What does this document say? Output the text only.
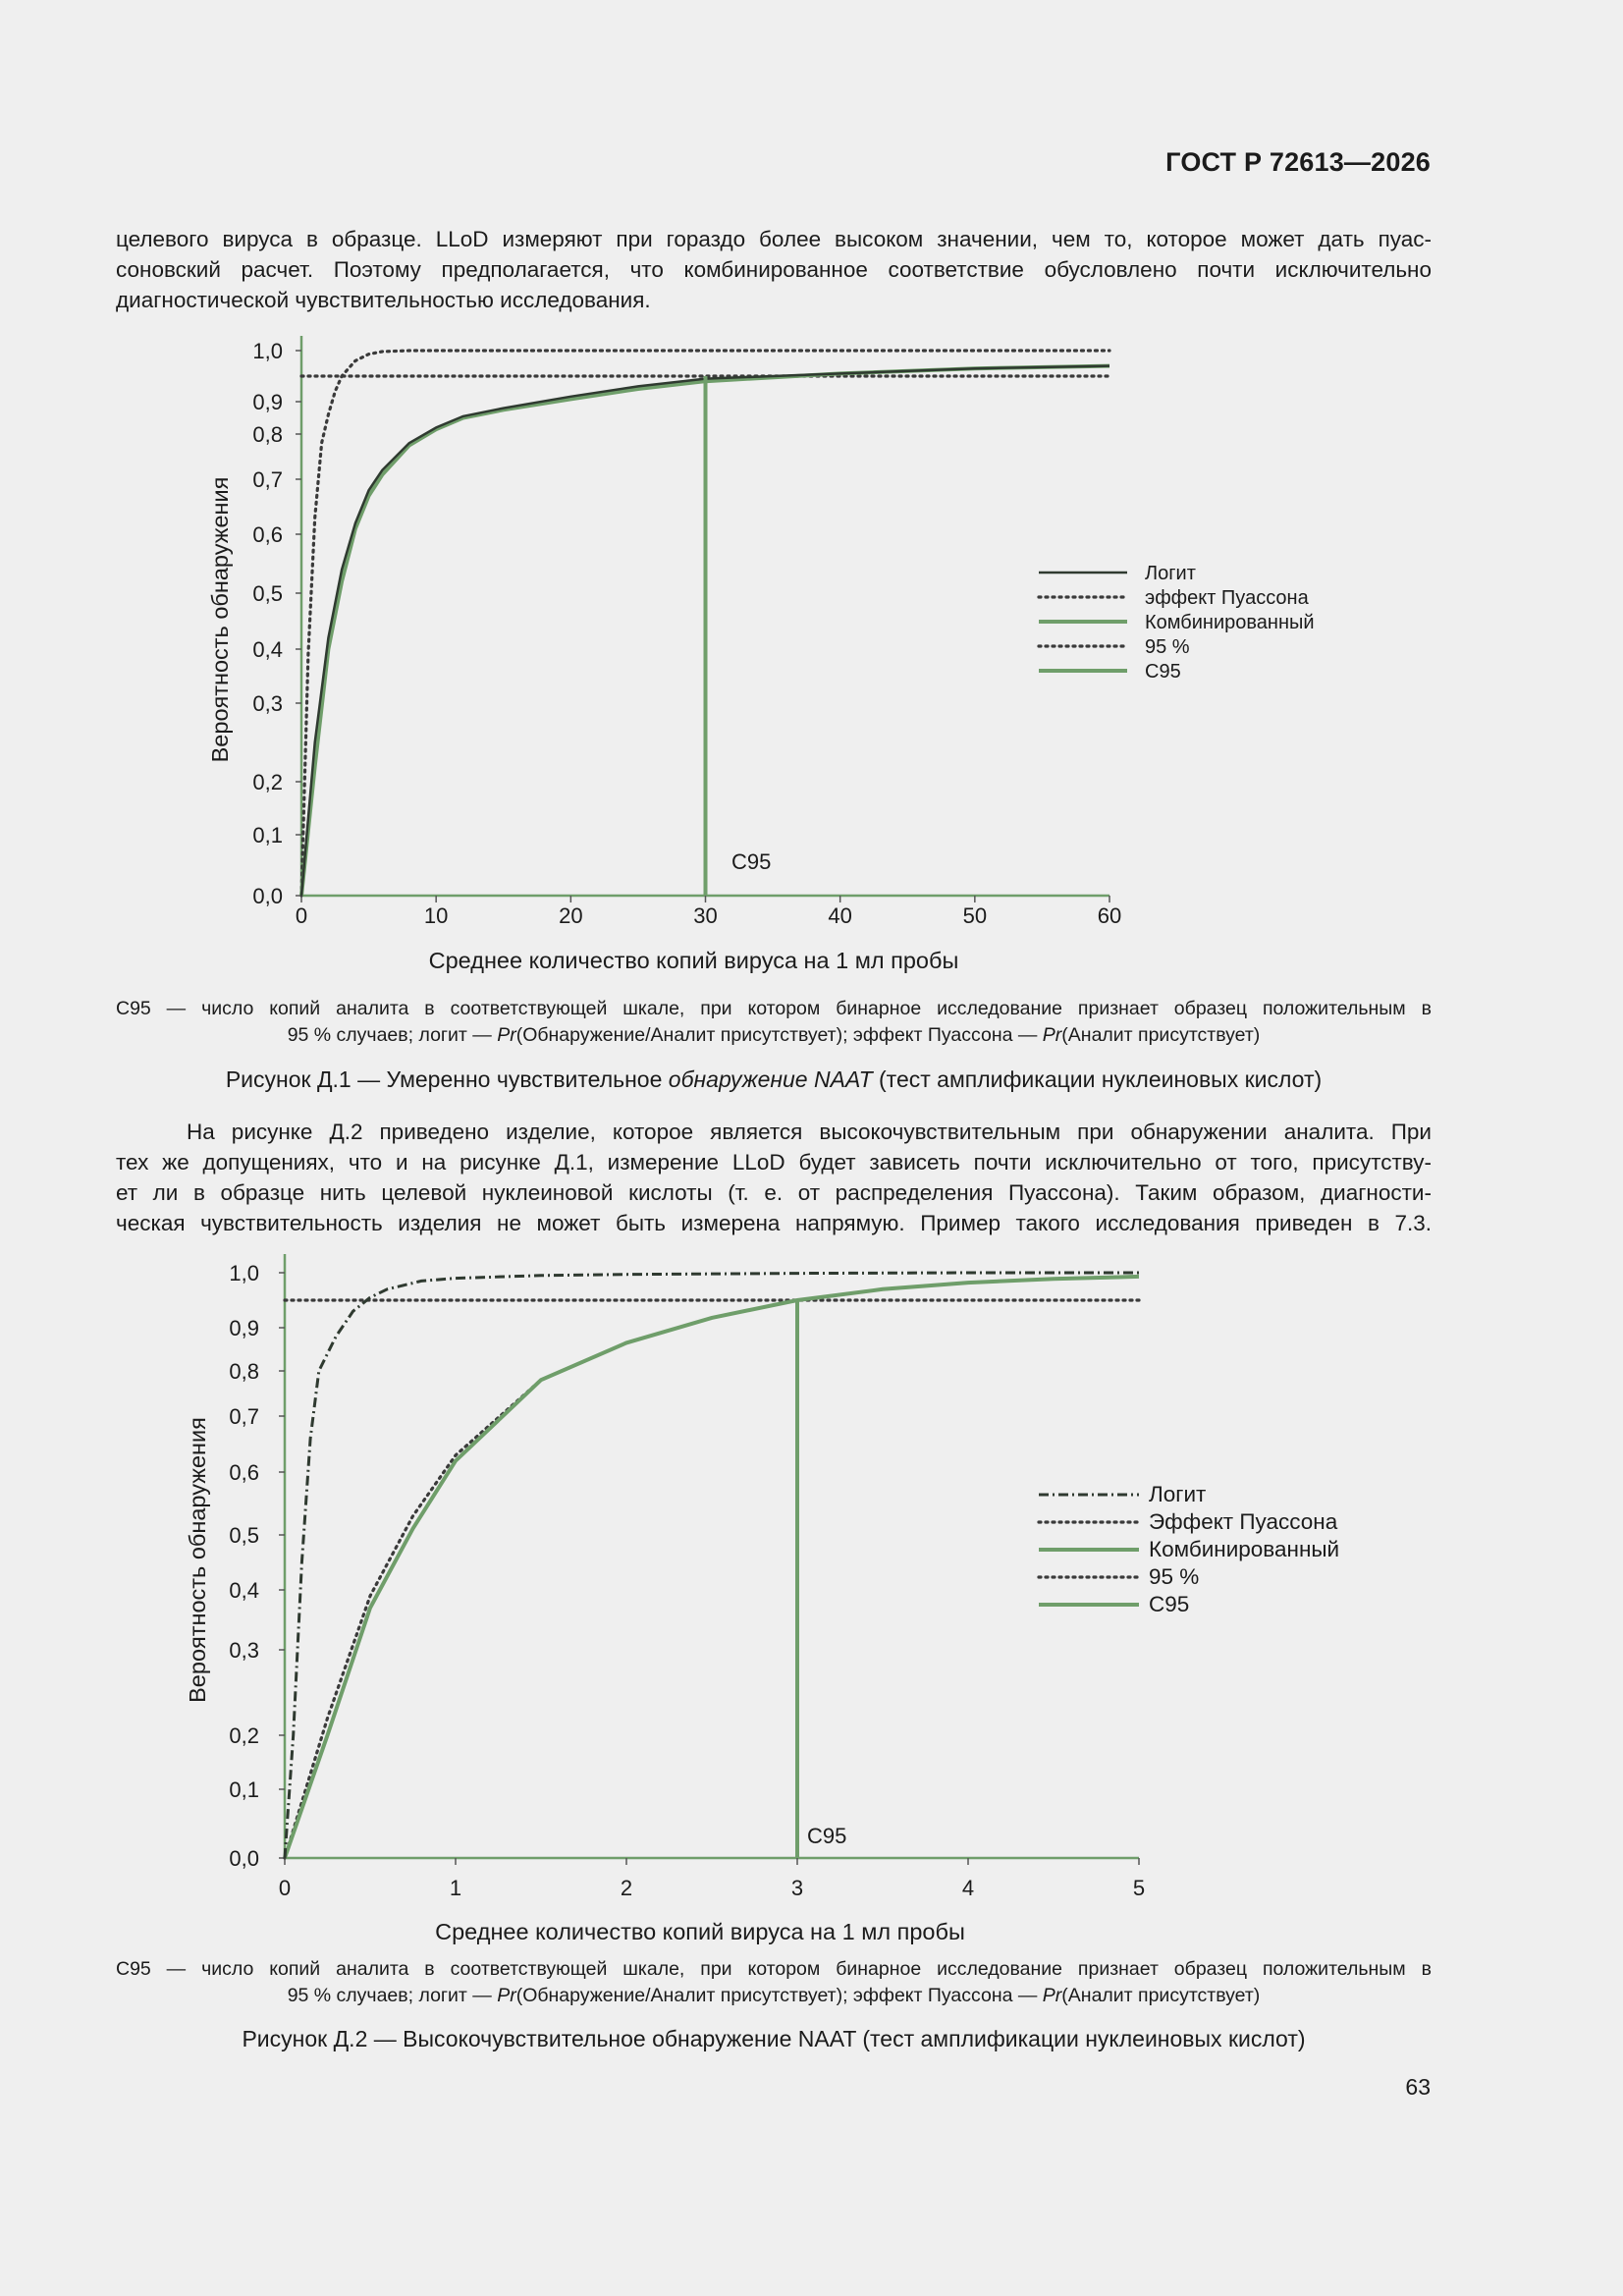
ГОСТ Р 72613—2026
целевого вируса в образце. LLoD измеряют при гораздо более высоком значении, чем то, которое может дать пуас-
соновский расчет. Поэтому предполагается, что комбинированное соответствие обусловлено почти исключительно
диагностической чувствительностью исследования.
0,0
0,1
0,2
0,3
0,4
0,5
0,6
0,7
0,8
0,9
1,0
0	10	20	30	40	50	60
Среднее количество копий вируса на 1 мл пробы
Вероятность обнаружения
C95
Логит
эффект Пуассона
Комбинированный
95 %
C95
C95 — число копий аналита в соответствующей шкале, при котором бинарное исследование признает образец положительным в
95 % случаев; логит — Pr(Обнаружение/Аналит присутствует); эффект Пуассона — Pr(Аналит присутствует)
Рисунок Д.1 — Умеренно чувствительное обнаружение NAAT (тест амплификации нуклеиновых кислот)
На рисунке Д.2 приведено изделие, которое является высокочувствительным при обнаружении аналита. При
тех же допущениях, что и на рисунке Д.1, измерение LLoD будет зависеть почти исключительно от того, присутству-
ет ли в образце нить целевой нуклеиновой кислоты (т. е. от распределения Пуассона). Таким образом, диагности-
ческая чувствительность изделия не может быть измерена напрямую. Пример такого исследования приведен в 7.3.
0,0
0,1
0,2
0,3
0,4
0,5
0,6
0,7
0,8
0,9
1,0
0	1	2	3	4	5
Среднее количество копий вируса на 1 мл пробы
Вероятность обнаружения
C95
Логит
Эффект Пуассона
Комбинированный
95 %
C95
C95 — число копий аналита в соответствующей шкале, при котором бинарное исследование признает образец положительным в
95 % случаев; логит — Pr(Обнаружение/Аналит присутствует); эффект Пуассона — Pr(Аналит присутствует)
Рисунок Д.2 — Высокочувствительное обнаружение NAAT (тест амплификации нуклеиновых кислот)
63
